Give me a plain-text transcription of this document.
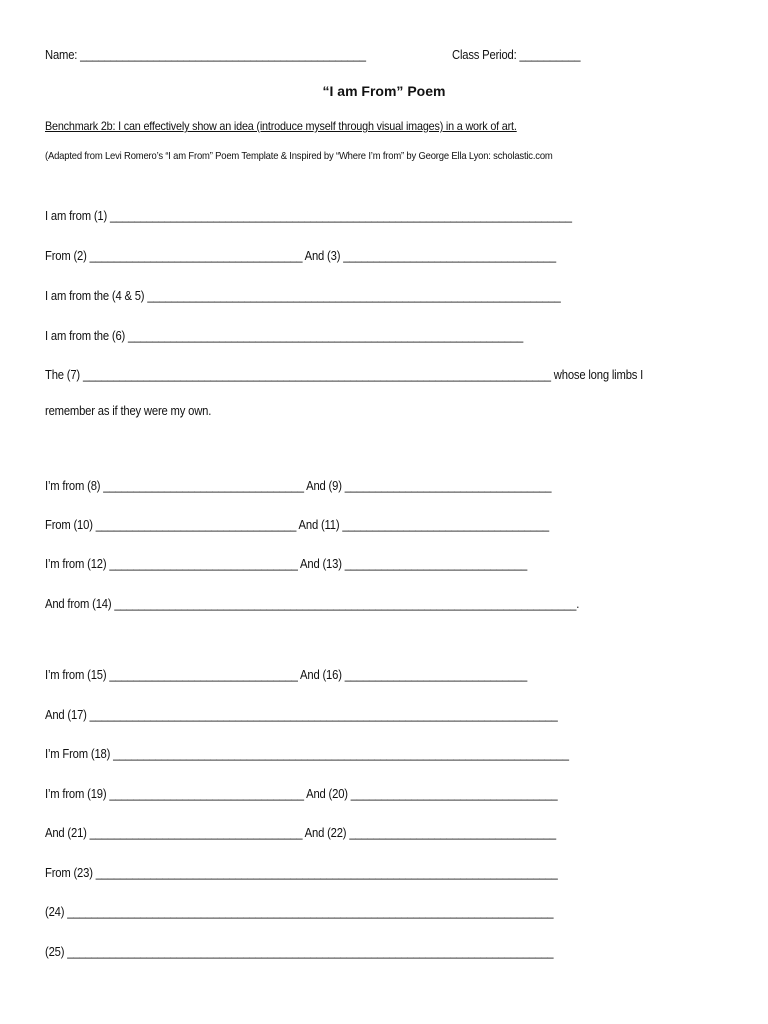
Name: _______________________________________________	Class Period: __________
“I am From” Poem
Benchmark 2b: I can effectively show an idea (introduce myself through visual images) in a work of art.
(Adapted from Levi Romero’s “I am From” Poem Template & Inspired by “Where I’m from” by George Ella Lyon: scholastic.com
I am from (1) ____________________________________________________________________________
From (2) ___________________________________ And (3) ___________________________________
I am from the (4 & 5) ____________________________________________________________________
I am from the (6) _________________________________________________________________
The (7) _____________________________________________________________________________ whose long limbs I
remember as if they were my own.
I’m from (8) _________________________________ And (9) __________________________________
From (10) _________________________________ And (11) __________________________________
I’m from (12) _______________________________ And (13) ______________________________
And from (14) ____________________________________________________________________________.
I’m from (15) _______________________________ And (16) ______________________________
And (17) _____________________________________________________________________________
I’m From (18) ___________________________________________________________________________
I’m from (19) ________________________________ And (20) __________________________________
And (21) ___________________________________ And (22) __________________________________
From (23) ____________________________________________________________________________
(24) ________________________________________________________________________________
(25) ________________________________________________________________________________
